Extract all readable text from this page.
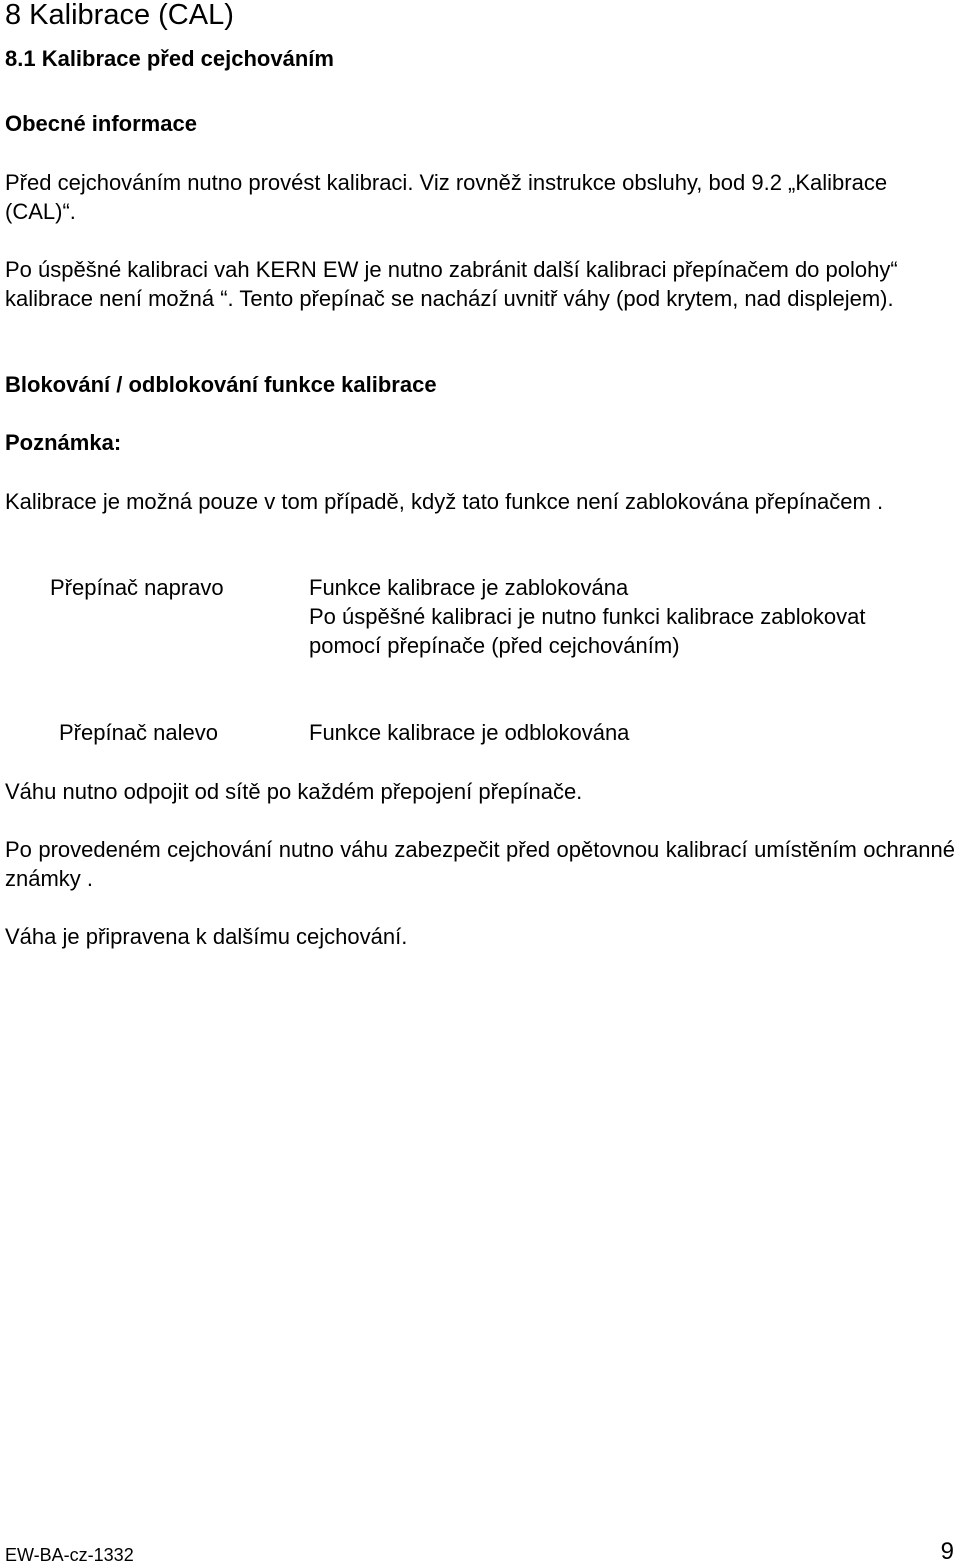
8 Kalibrace (CAL)
8.1 Kalibrace před cejchováním
Obecné informace

Před cejchováním nutno provést kalibraci. Viz rovněž instrukce obsluhy, bod 9.2 „Kalibrace (CAL)“.

Po úspěšné kalibraci vah KERN EW je nutno zabránit další kalibraci přepínačem do polohy“ kalibrace není možná “. Tento přepínač se nachází uvnitř váhy (pod krytem, nad displejem).

Blokování / odblokování funkce kalibrace
Poznámka:

Kalibrace je možná pouze v tom případě, když tato funkce není zablokována přepínačem .

Přepínač napravo	Funkce kalibrace je zablokována
Po úspěšné kalibraci je nutno funkci kalibrace zablokovat
pomocí přepínače (před cejchováním)
Přepínač nalevo	Funkce kalibrace je odblokována

Váhu nutno odpojit od sítě po každém přepojení přepínače.

Po provedeném cejchování nutno váhu zabezpečit před opětovnou kalibrací umístěním ochranné známky .

Váha je připravena k dalšímu cejchování.

EW-BA-cz-1332	9
